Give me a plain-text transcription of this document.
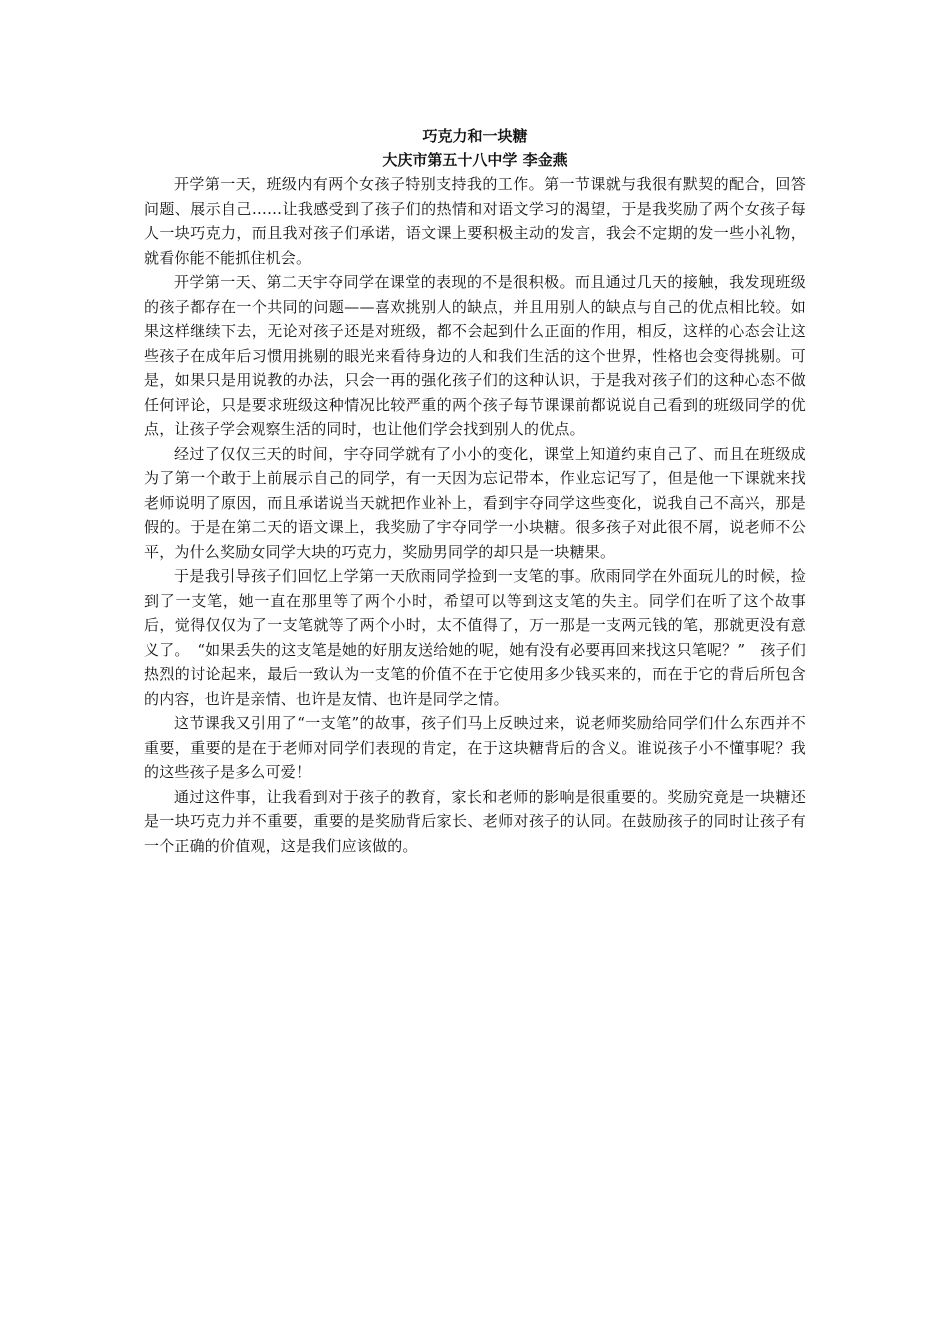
巧克力和一块糖
大庆市第五十八中学 李金燕

开学第一天，班级内有两个女孩子特别支持我的工作。第一节课就与我很有默契的配合，回答问题、展示自己……让我感受到了孩子们的热情和对语文学习的渴望，于是我奖励了两个女孩子每人一块巧克力，而且我对孩子们承诺，语文课上要积极主动的发言，我会不定期的发一些小礼物，就看你能不能抓住机会。

开学第一天、第二天宇夺同学在课堂的表现的不是很积极。而且通过几天的接触，我发现班级的孩子都存在一个共同的问题——喜欢挑别人的缺点，并且用别人的缺点与自己的优点相比较。如果这样继续下去，无论对孩子还是对班级，都不会起到什么正面的作用，相反，这样的心态会让这些孩子在成年后习惯用挑剔的眼光来看待身边的人和我们生活的这个世界，性格也会变得挑剔。可是，如果只是用说教的办法，只会一再的强化孩子们的这种认识，于是我对孩子们的这种心态不做任何评论，只是要求班级这种情况比较严重的两个孩子每节课课前都说说自己看到的班级同学的优点，让孩子学会观察生活的同时，也让他们学会找到别人的优点。

经过了仅仅三天的时间，宇夺同学就有了小小的变化，课堂上知道约束自己了、而且在班级成为了第一个敢于上前展示自己的同学，有一天因为忘记带本，作业忘记写了，但是他一下课就来找老师说明了原因，而且承诺说当天就把作业补上，看到宇夺同学这些变化，说我自己不高兴，那是假的。于是在第二天的语文课上，我奖励了宇夺同学一小块糖。很多孩子对此很不屑，说老师不公平，为什么奖励女同学大块的巧克力，奖励男同学的却只是一块糖果。

于是我引导孩子们回忆上学第一天欣雨同学捡到一支笔的事。欣雨同学在外面玩儿的时候，捡到了一支笔，她一直在那里等了两个小时，希望可以等到这支笔的失主。同学们在听了这个故事后，觉得仅仅为了一支笔就等了两个小时，太不值得了，万一那是一支两元钱的笔，那就更没有意义了。　“如果丢失的这支笔是她的好朋友送给她的呢，她有没有必要再回来找这只笔呢？”　孩子们热烈的讨论起来，最后一致认为一支笔的价值不在于它使用多少钱买来的，而在于它的背后所包含的内容，也许是亲情、也许是友情、也许是同学之情。

这节课我又引用了“一支笔”的故事，孩子们马上反映过来，说老师奖励给同学们什么东西并不重要，重要的是在于老师对同学们表现的肯定，在于这块糖背后的含义。谁说孩子小不懂事呢？我的这些孩子是多么可爱！

通过这件事，让我看到对于孩子的教育，家长和老师的影响是很重要的。奖励究竟是一块糖还是一块巧克力并不重要，重要的是奖励背后家长、老师对孩子的认同。在鼓励孩子的同时让孩子有一个正确的价值观，这是我们应该做的。
